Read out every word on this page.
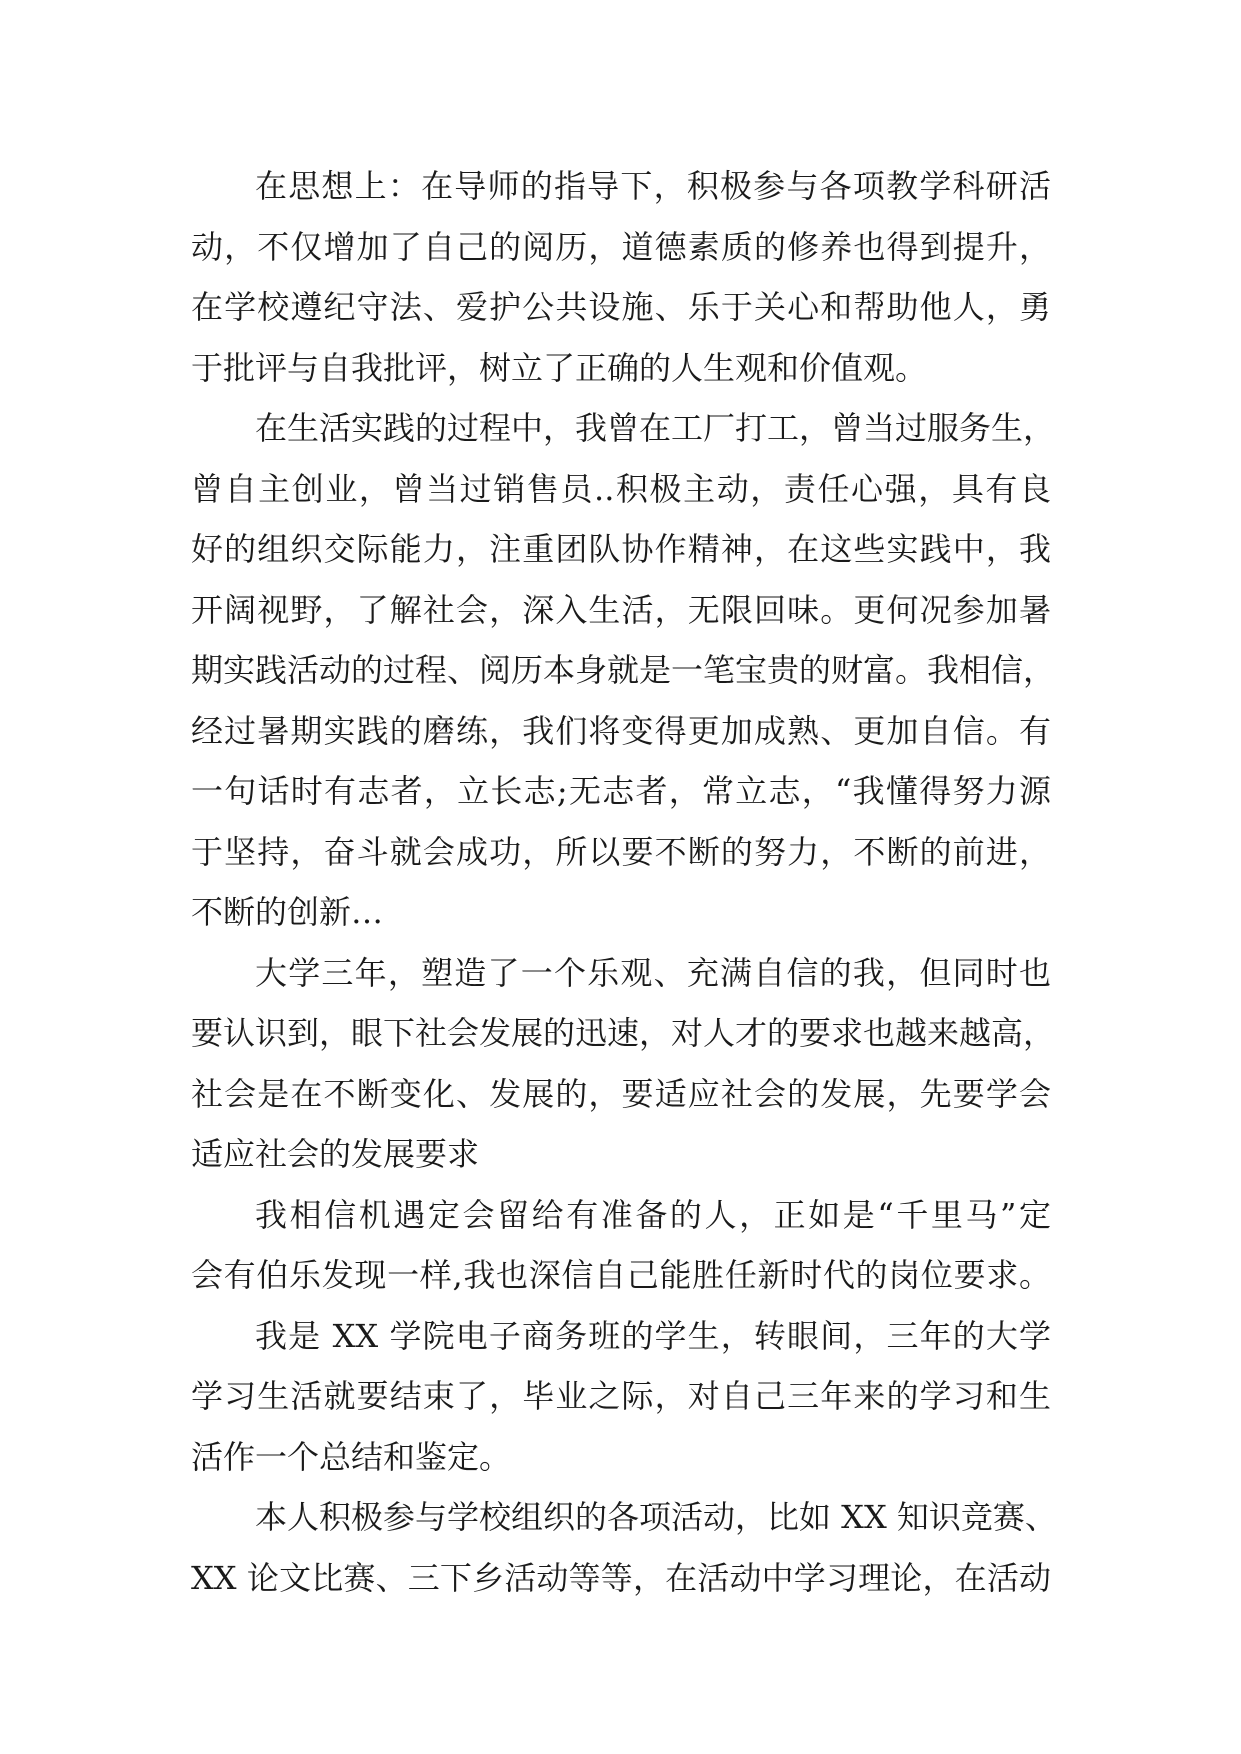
在思想上：在导师的指导下，积极参与各项教学科研活
动，不仅增加了自己的阅历，道德素质的修养也得到提升，
在学校遵纪守法、爱护公共设施、乐于关心和帮助他人，勇
于批评与自我批评，树立了正确的人生观和价值观。
在生活实践的过程中，我曾在工厂打工，曾当过服务生，
曾自主创业，曾当过销售员..积极主动，责任心强，具有良
好的组织交际能力，注重团队协作精神，在这些实践中，我
开阔视野，了解社会，深入生活，无限回味。更何况参加暑
期实践活动的过程、阅历本身就是一笔宝贵的财富。我相信，
经过暑期实践的磨练，我们将变得更加成熟、更加自信。有
一句话时有志者，立长志;无志者，常立志，“我懂得努力源
于坚持，奋斗就会成功，所以要不断的努力，不断的前进，
不断的创新…
大学三年，塑造了一个乐观、充满自信的我，但同时也
要认识到，眼下社会发展的迅速，对人才的要求也越来越高，
社会是在不断变化、发展的，要适应社会的发展，先要学会
适应社会的发展要求
我相信机遇定会留给有准备的人，正如是“千里马”定
会有伯乐发现一样,我也深信自己能胜任新时代的岗位要求。
我是 XX 学院电子商务班的学生，转眼间，三年的大学
学习生活就要结束了，毕业之际，对自己三年来的学习和生
活作一个总结和鉴定。
本人积极参与学校组织的各项活动，比如 XX 知识竞赛、
XX 论文比赛、三下乡活动等等，在活动中学习理论，在活动
